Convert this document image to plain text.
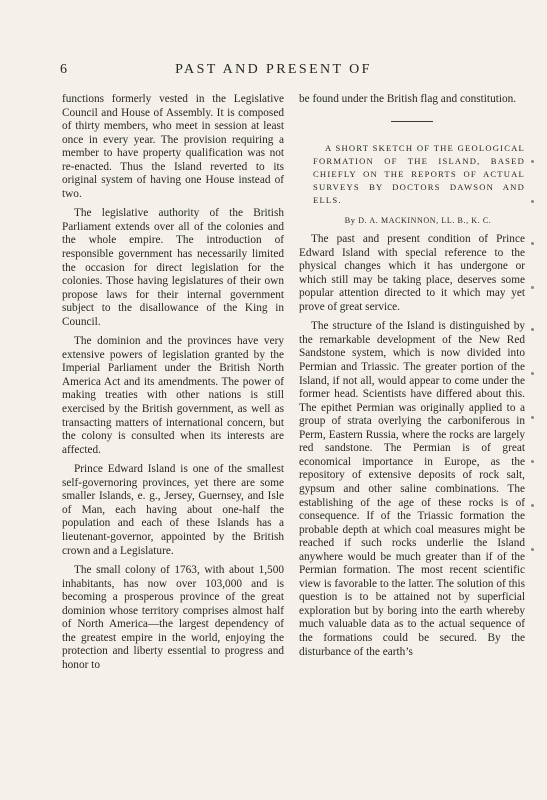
6	PAST AND PRESENT OF

functions formerly vested in the Legislative Council and House of Assembly. It is composed of thirty members, who meet in session at least once in every year. The provision requiring a member to have property qualification was not re-enacted. Thus the Island reverted to its original system of having one House instead of two.

The legislative authority of the British Parliament extends over all of the colonies and the whole empire. The introduction of responsible government has necessarily limited the occasion for direct legislation for the colonies. Those having legislatures of their own propose laws for their internal government subject to the disallowance of the King in Council.

The dominion and the provinces have very extensive powers of legislation granted by the Imperial Parliament under the British North America Act and its amendments. The power of making treaties with other nations is still exercised by the British government, as well as transacting matters of international concern, but the colony is consulted when its interests are affected.

Prince Edward Island is one of the smallest self-governoring provinces, yet there are some smaller Islands, e. g., Jersey, Guernsey, and Isle of Man, each having about one-half the population and each of these Islands has a lieutenant-governor, appointed by the British crown and a Legislature.

The small colony of 1763, with about 1,500 inhabitants, has now over 103,000 and is becoming a prosperous province of the great dominion whose territory comprises almost half of North America—the largest dependency of the greatest empire in the world, enjoying the protection and liberty essential to progress and honor to

be found under the British flag and constitution.

A SHORT SKETCH OF THE GEOLOGICAL FORMATION OF THE ISLAND, BASED CHIEFLY ON THE REPORTS OF ACTUAL SURVEYS BY DOCTORS DAWSON AND ELLS.

By D. A. MACKINNON, LL. B., K. C.

The past and present condition of Prince Edward Island with special reference to the physical changes which it has undergone or which still may be taking place, deserves some popular attention directed to it which may yet prove of great service.

The structure of the Island is distinguished by the remarkable development of the New Red Sandstone system, which is now divided into Permian and Triassic. The greater portion of the Island, if not all, would appear to come under the former head. Scientists have differed about this. The epithet Permian was originally applied to a group of strata overlying the carboniferous in Perm, Eastern Russia, where the rocks are largely red sandstone. The Permian is of great economical importance in Europe, as the repository of extensive deposits of rock salt, gypsum and other saline combinations. The establishing of the age of these rocks is of consequence. If of the Triassic formation the probable depth at which coal measures might be reached if such rocks underlie the Island anywhere would be much greater than if of the Permian formation. The most recent scientific view is favorable to the latter. The solution of this question is to be attained not by superficial exploration but by boring into the earth whereby much valuable data as to the actual sequence of the formations could be secured. By the disturbance of the earth’s
